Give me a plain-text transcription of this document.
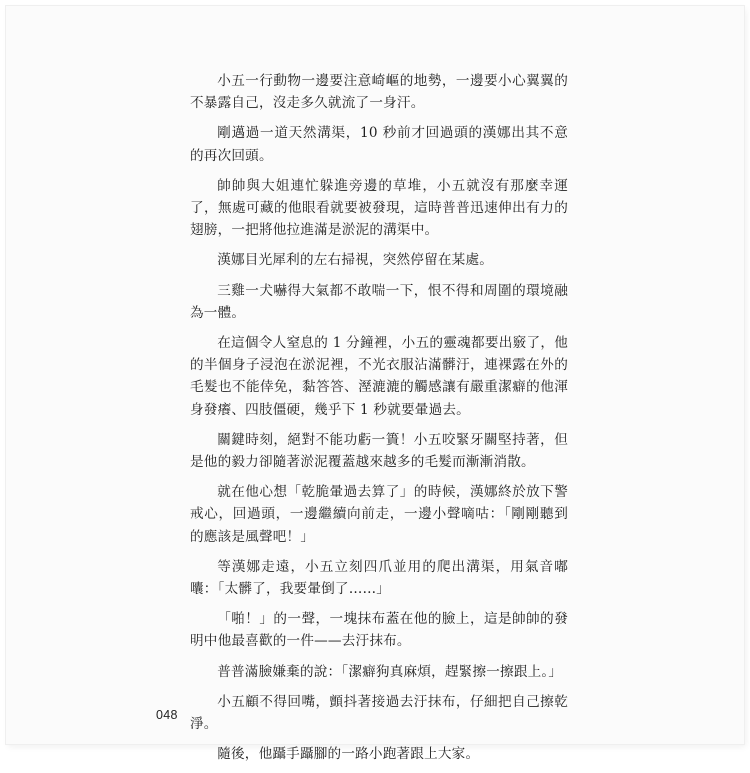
小五一行動物一邊要注意崎嶇的地勢，一邊要小心翼翼的不暴露自己，沒走多久就流了一身汗。

剛邁過一道天然溝渠，10 秒前才回過頭的漢娜出其不意的再次回頭。

帥帥與大姐連忙躲進旁邊的草堆，小五就沒有那麼幸運了，無處可藏的他眼看就要被發現，這時普普迅速伸出有力的翅膀，一把將他拉進滿是淤泥的溝渠中。

漢娜目光犀利的左右掃視，突然停留在某處。

三雞一犬嚇得大氣都不敢喘一下，恨不得和周圍的環境融為一體。

在這個令人窒息的 1 分鐘裡，小五的靈魂都要出竅了，他的半個身子浸泡在淤泥裡，不光衣服沾滿髒汙，連裸露在外的毛髮也不能倖免，黏答答、溼漉漉的觸感讓有嚴重潔癖的他渾身發癢、四肢僵硬，幾乎下 1 秒就要暈過去。

關鍵時刻，絕對不能功虧一簣！小五咬緊牙關堅持著，但是他的毅力卻隨著淤泥覆蓋越來越多的毛髮而漸漸消散。

就在他心想「乾脆暈過去算了」的時候，漢娜終於放下警戒心，回過頭，一邊繼續向前走，一邊小聲嘀咕：「剛剛聽到的應該是風聲吧！」

等漢娜走遠，小五立刻四爪並用的爬出溝渠，用氣音嘟囔：「太髒了，我要暈倒了……」

「啪！」的一聲，一塊抹布蓋在他的臉上，這是帥帥的發明中他最喜歡的一件——去汙抹布。

普普滿臉嫌棄的說：「潔癖狗真麻煩，趕緊擦一擦跟上。」

小五顧不得回嘴，顫抖著接過去汙抹布，仔細把自己擦乾淨。

隨後，他躡手躡腳的一路小跑著跟上大家。

048
